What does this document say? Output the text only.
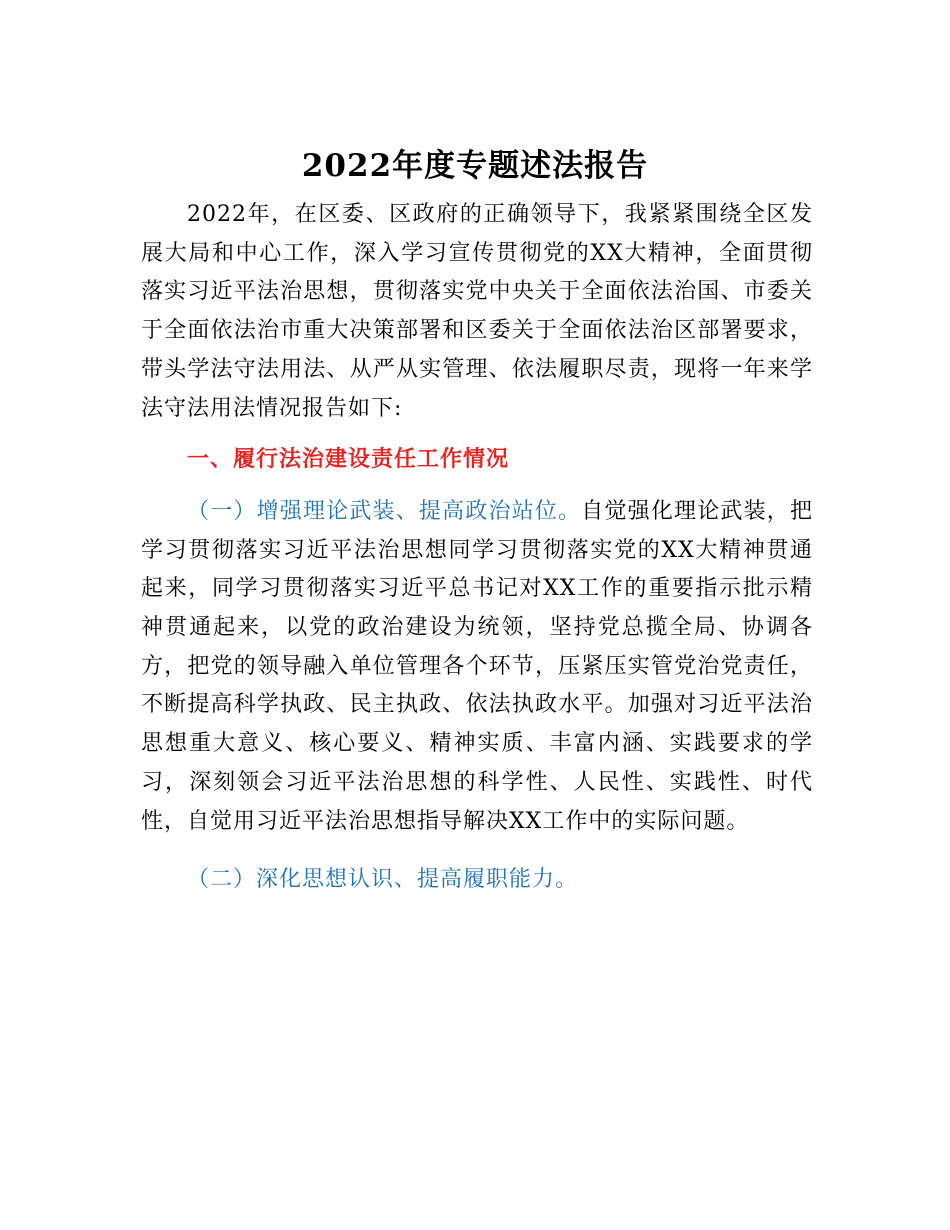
2022年度专题述法报告

2022年，在区委、区政府的正确领导下，我紧紧围绕全区发展大局和中心工作，深入学习宣传贯彻党的XX大精神，全面贯彻落实习近平法治思想，贯彻落实党中央关于全面依法治国、市委关于全面依法治市重大决策部署和区委关于全面依法治区部署要求，带头学法守法用法、从严从实管理、依法履职尽责，现将一年来学法守法用法情况报告如下:

一、履行法治建设责任工作情况

（一）增强理论武装、提高政治站位。自觉强化理论武装，把学习贯彻落实习近平法治思想同学习贯彻落实党的XX大精神贯通起来，同学习贯彻落实习近平总书记对XX工作的重要指示批示精神贯通起来，以党的政治建设为统领，坚持党总揽全局、协调各方，把党的领导融入单位管理各个环节，压紧压实管党治党责任，不断提高科学执政、民主执政、依法执政水平。加强对习近平法治思想重大意义、核心要义、精神实质、丰富内涵、实践要求的学习，深刻领会习近平法治思想的科学性、人民性、实践性、时代性，自觉用习近平法治思想指导解决XX工作中的实际问题。

（二）深化思想认识、提高履职能力。
